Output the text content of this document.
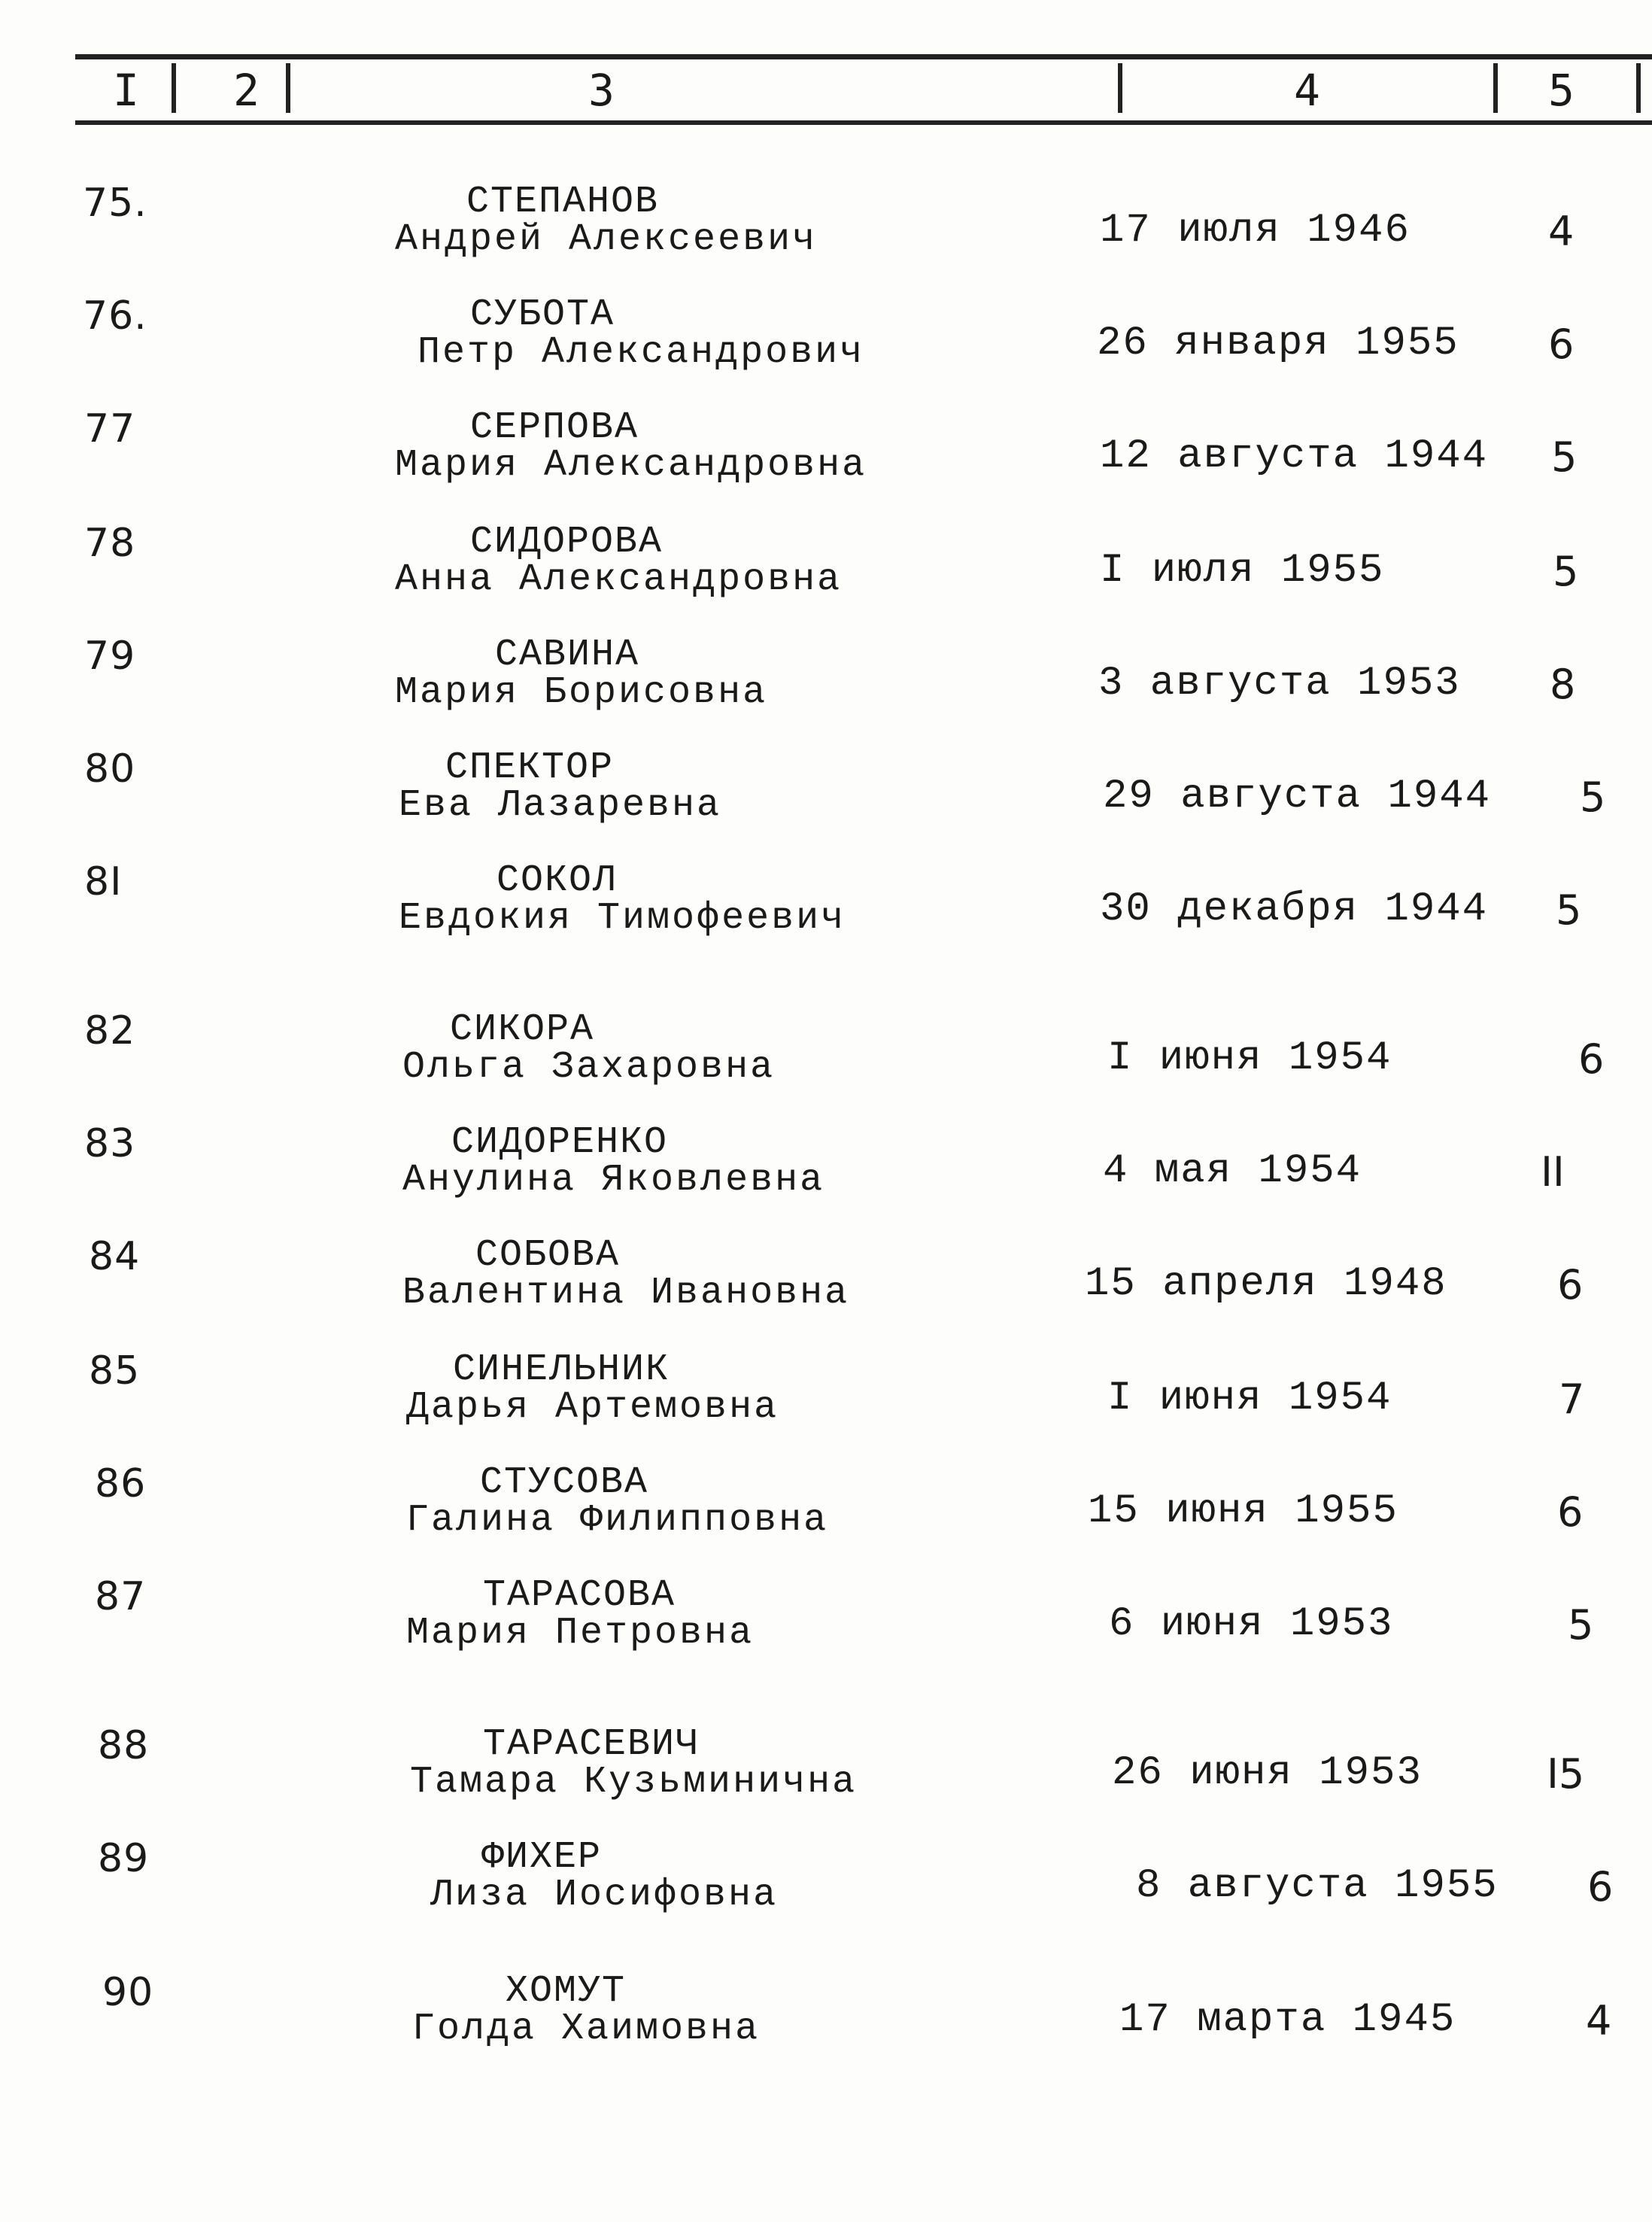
I 2	3	4	5
75.	СТЕПАНОВ
Андрей Алексеевич	17 июля 1946	4
76.	СУБОТА
Петр Александрович	26 января 1955 6
77	СЕРПОВА
Мария Александровна	12 августа 1944 5
78	СИДОРОВА
Анна Александровна	I июля 1955	5
79	САВИНА
Мария Борисовна	3 августа 1953 8
80	СПЕКТОР
Ева Лазаревна	29 августа 1944 5
8I	СОКОЛ
Евдокия Тимофеевич	30 декабря 1944 5
82	СИКОРА
Ольга Захаровна	I июня 1954	6
83	СИДОРЕНКО
Анулина Яковлевна	4 мая 1954	II
84	СОБОВА
Валентина Ивановна	15 апреля 1948	6
85	СИНЕЛЬНИК
Дарья Артемовна	I июня 1954	7
86	СТУСОВА
Галина Филипповна	15 июня 1955	6
87	ТАРАСОВА
Мария Петровна	6 июня 1953	5
88	ТАРАСЕВИЧ
Тамара Кузьминична	26 июня 1953	I5
89	ФИХЕР
Лиза Иосифовна	8 августа 1955 6
90	ХОМУТ
Голда Хаимовна	17 марта 1945	4
